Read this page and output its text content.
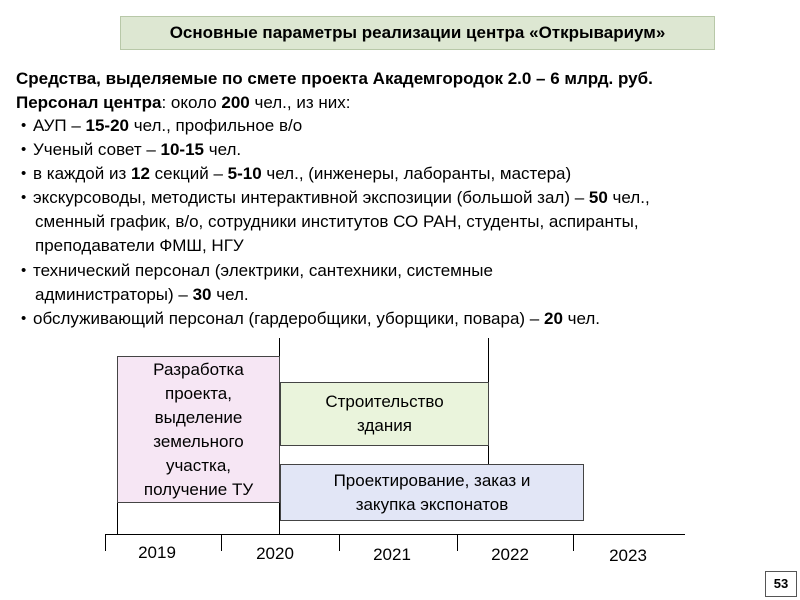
Основные параметры реализации центра «Открывариум»
Средства, выделяемые по смете проекта Академгородок 2.0 – 6 млрд. руб.
Персонал центра: около 200 чел., из них:
• АУП – 15-20 чел., профильное в/о
• Ученый совет – 10-15 чел.
• в каждой из 12 секций – 5-10 чел., (инженеры, лаборанты, мастера)
• экскурсоводы, методисты интерактивной экспозиции (большой зал) – 50 чел.,
сменный график, в/о, сотрудники институтов СО РАН, студенты, аспиранты,
преподаватели ФМШ, НГУ
• технический персонал (электрики, сантехники, системные
администраторы) – 30 чел.
• обслуживающий персонал (гардеробщики, уборщики, повара) – 20 чел.
Разработка
проекта,
выделение
земельного
участка,
получение ТУ
Строительство
здания
Проектирование, заказ и
закупка экспонатов
2019	2020	2021	2022	2023
53
